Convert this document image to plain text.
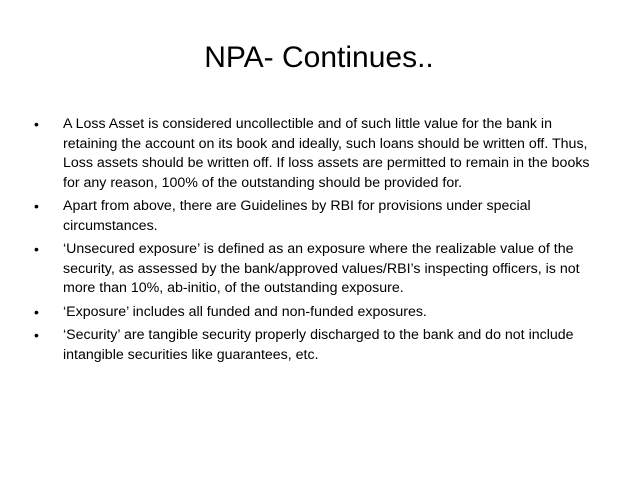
NPA- Continues..
• A Loss Asset is considered uncollectible and of such little value for the bank in retaining the account on its book and ideally, such loans should be written off. Thus, Loss assets should be written off. If loss assets are permitted to remain in the books for any reason, 100% of the outstanding should be provided for.
• Apart from above, there are Guidelines by RBI for provisions under special circumstances.
• ‘Unsecured exposure’ is defined as an exposure where the realizable value of the security, as assessed by the bank/approved values/RBI’s inspecting officers, is not more than 10%, ab-initio, of the outstanding exposure.
• ‘Exposure’ includes all funded and non-funded exposures.
• ‘Security’ are tangible security properly discharged to the bank and do not include intangible securities like guarantees, etc.
